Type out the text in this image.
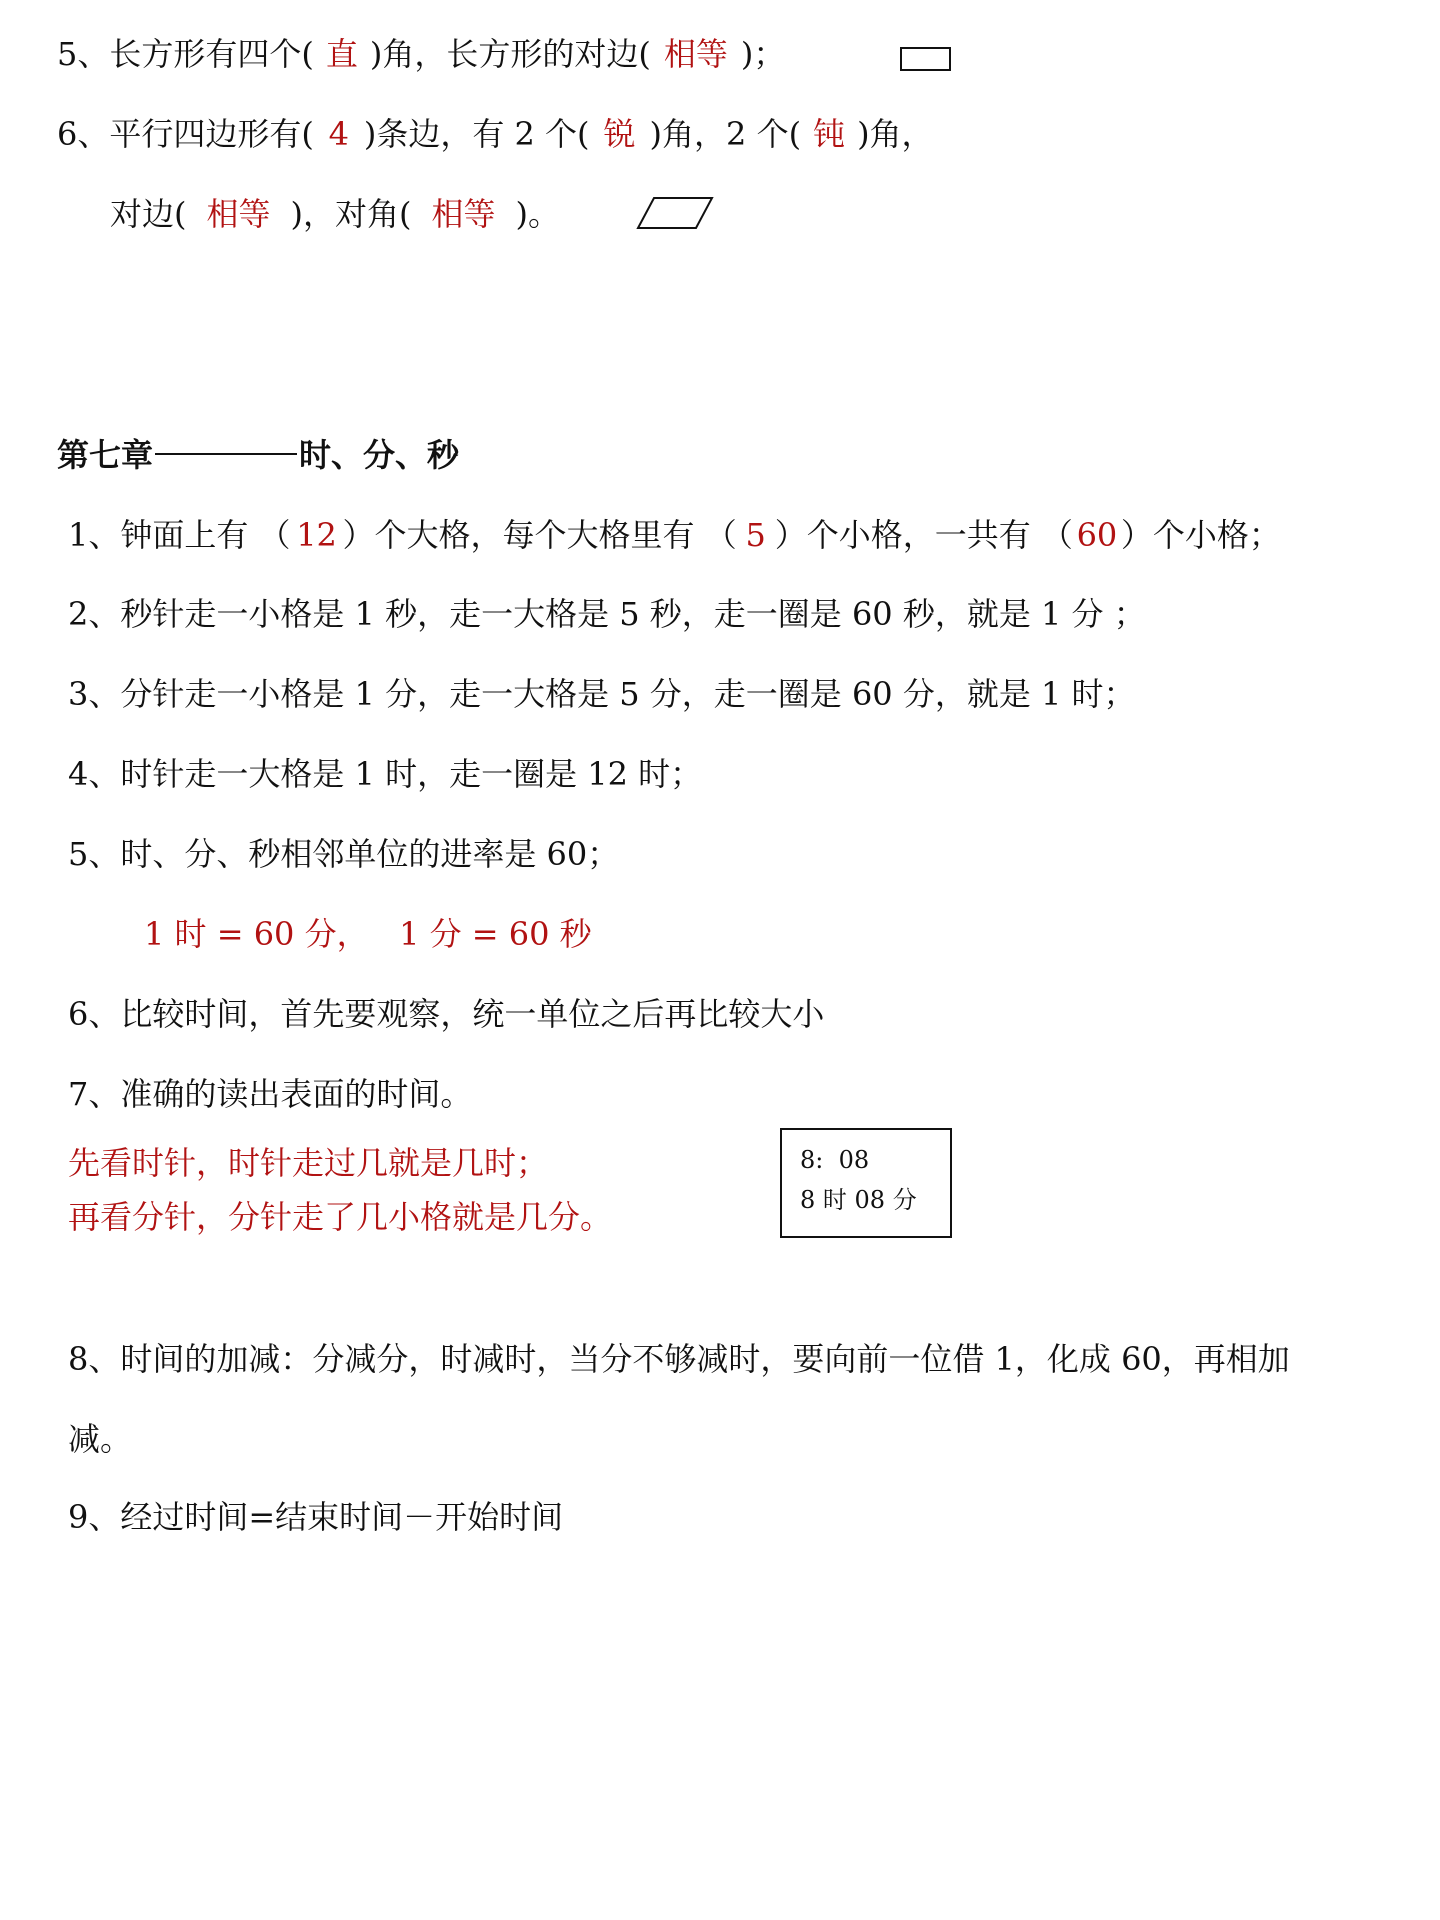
5、长方形有四个( 直 )角，长方形的对边( 相等 )；
6、平行四边形有( 4 )条边，有 2 个( 锐 )角，2 个( 钝 )角，
对边( 相等 )，对角( 相等 )。
第七章	时、分、秒
1、钟面上有 （ 12 ）个大格，每个大格里有 （ 5 ）个小格，一共有 （ 60 ）个小格；
2、秒针走一小格是 1 秒，走一大格是 5 秒，走一圈是 60 秒，就是 1 分 ；
3、分针走一小格是 1 分，走一大格是 5 分，走一圈是 60 分，就是 1 时；
4、时针走一大格是 1 时，走一圈是 12 时；
5、时、分、秒相邻单位的进率是 60；
1 时 = 60 分，   1 分 = 60 秒
6、比较时间，首先要观察，统一单位之后再比较大小
7、准确的读出表面的时间。
先看时针，时针走过几就是几时；
再看分针，分针走了几小格就是几分。
8:  08
8 时 08 分
8、时间的加减：分减分，时减时，当分不够减时，要向前一位借 1，化成 60，再相加
减。
9、经过时间=结束时间－开始时间
